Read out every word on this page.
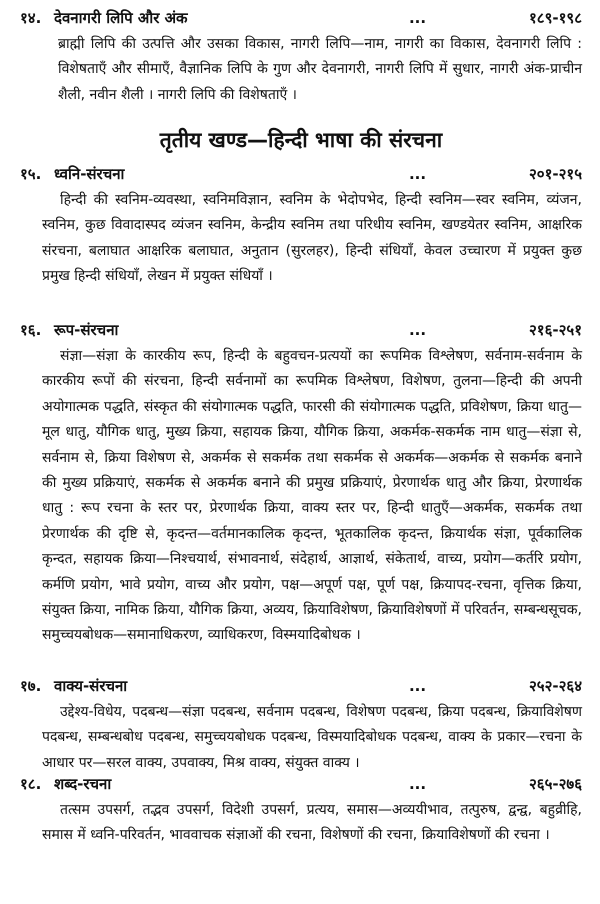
१४. देवनागरी लिपि और अंक	...	१८९-१९८

ब्राह्मी लिपि की उत्पत्ति और उसका विकास, नागरी लिपि—नाम, नागरी का विकास, देवनागरी लिपि : विशेषताएँ और सीमाएँ, वैज्ञानिक लिपि के गुण और देवनागरी, नागरी लिपि में सुधार, नागरी अंक-प्राचीन शैली, नवीन शैली । नागरी लिपि की विशेषताएँ ।

तृतीय खण्ड—हिन्दी भाषा की संरचना
१५. ध्वनि-संरचना	...	२०१-२१५

हिन्दी की स्वनिम-व्यवस्था, स्वनिमविज्ञान, स्वनिम के भेदोपभेद, हिन्दी स्वनिम—स्वर स्वनिम, व्यंजन, स्वनिम, कुछ विवादास्पद व्यंजन स्वनिम, केन्द्रीय स्वनिम तथा परिधीय स्वनिम, खण्डयेतर स्वनिम, आक्षरिक संरचना, बलाघात आक्षरिक बलाघात, अनुतान (सुरलहर), हिन्दी संधियाँ, केवल उच्चारण में प्रयुक्त कुछ प्रमुख हिन्दी संधियाँ, लेखन में प्रयुक्त संधियाँ ।

१६. रूप-संरचना	...	२१६-२५१

संज्ञा—संज्ञा के कारकीय रूप, हिन्दी के बहुवचन-प्रत्ययों का रूपमिक विश्लेषण, सर्वनाम-सर्वनाम के कारकीय रूपों की संरचना, हिन्दी सर्वनामों का रूपमिक विश्लेषण, विशेषण, तुलना—हिन्दी की अपनी अयोगात्मक पद्धति, संस्कृत की संयोगात्मक पद्धति, फारसी की संयोगात्मक पद्धति, प्रविशेषण, क्रिया धातु—मूल धातु, यौगिक धातु, मुख्य क्रिया, सहायक क्रिया, यौगिक क्रिया, अकर्मक-सकर्मक नाम धातु—संज्ञा से, सर्वनाम से, क्रिया विशेषण से, अकर्मक से सकर्मक तथा सकर्मक से अकर्मक—अकर्मक से सकर्मक बनाने की मुख्य प्रक्रियाएं, सकर्मक से अकर्मक बनाने की प्रमुख प्रक्रियाएं, प्रेरणार्थक धातु और क्रिया, प्रेरणार्थक धातु : रूप रचना के स्तर पर, प्रेरणार्थक क्रिया, वाक्य स्तर पर, हिन्दी धातुएँ—अकर्मक, सकर्मक तथा प्रेरणार्थक की दृष्टि से, कृदन्त—वर्तमानकालिक कृदन्त, भूतकालिक कृदन्त, क्रियार्थक संज्ञा, पूर्वकालिक कृन्दत, सहायक क्रिया—निश्चयार्थ, संभावनार्थ, संदेहार्थ, आज्ञार्थ, संकेतार्थ, वाच्य, प्रयोग—कर्तरि प्रयोग, कर्मणि प्रयोग, भावे प्रयोग, वाच्य और प्रयोग, पक्ष—अपूर्ण पक्ष, पूर्ण पक्ष, क्रियापद-रचना, वृत्तिक क्रिया, संयुक्त क्रिया, नामिक क्रिया, यौगिक क्रिया, अव्यय, क्रियाविशेषण, क्रियाविशेषणों में परिवर्तन, सम्बन्धसूचक, समुच्चयबोधक—समानाधिकरण, व्याधिकरण, विस्मयादिबोधक ।

१७. वाक्य-संरचना	...	२५२-२६४

उद्देश्य-विधेय, पदबन्ध—संज्ञा पदबन्ध, सर्वनाम पदबन्ध, विशेषण पदबन्ध, क्रिया पदबन्ध, क्रियाविशेषण पदबन्ध, सम्बन्धबोध पदबन्ध, समुच्चयबोधक पदबन्ध, विस्मयादिबोधक पदबन्ध, वाक्य के प्रकार—रचना के आधार पर—सरल वाक्य, उपवाक्य, मिश्र वाक्य, संयुक्त वाक्य ।

१८. शब्द-रचना	...	२६५-२७६

तत्सम उपसर्ग, तद्भव उपसर्ग, विदेशी उपसर्ग, प्रत्यय, समास—अव्ययीभाव, तत्पुरुष, द्वन्द्व, बहुव्रीहि, समास में ध्वनि-परिवर्तन, भाववाचक संज्ञाओं की रचना, विशेषणों की रचना, क्रियाविशेषणों की रचना ।
